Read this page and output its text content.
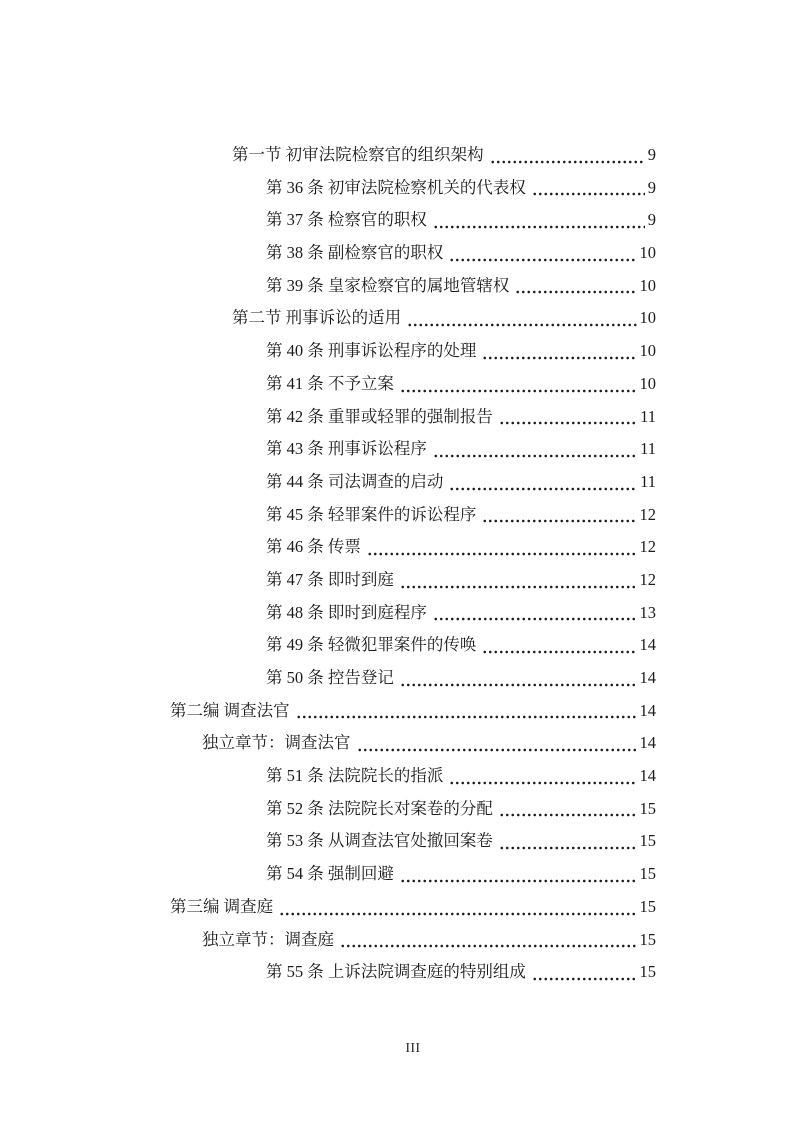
第一节 初审法院检察官的组织架构	9
第 36 条 初审法院检察机关的代表权	9
第 37 条 检察官的职权	9
第 38 条 副检察官的职权	10
第 39 条 皇家检察官的属地管辖权	10
第二节 刑事诉讼的适用	10
第 40 条 刑事诉讼程序的处理	10
第 41 条 不予立案	10
第 42 条 重罪或轻罪的强制报告	11
第 43 条 刑事诉讼程序	11
第 44 条 司法调查的启动	11
第 45 条 轻罪案件的诉讼程序	12
第 46 条 传票	12
第 47 条 即时到庭	12
第 48 条 即时到庭程序	13
第 49 条 轻微犯罪案件的传唤	14
第 50 条 控告登记	14
第二编 调查法官	14
独立章节：调查法官	14
第 51 条 法院院长的指派	14
第 52 条 法院院长对案卷的分配	15
第 53 条 从调查法官处撤回案卷	15
第 54 条 强制回避	15
第三编 调查庭	15
独立章节：调查庭	15
第 55 条 上诉法院调查庭的特别组成	15
III
